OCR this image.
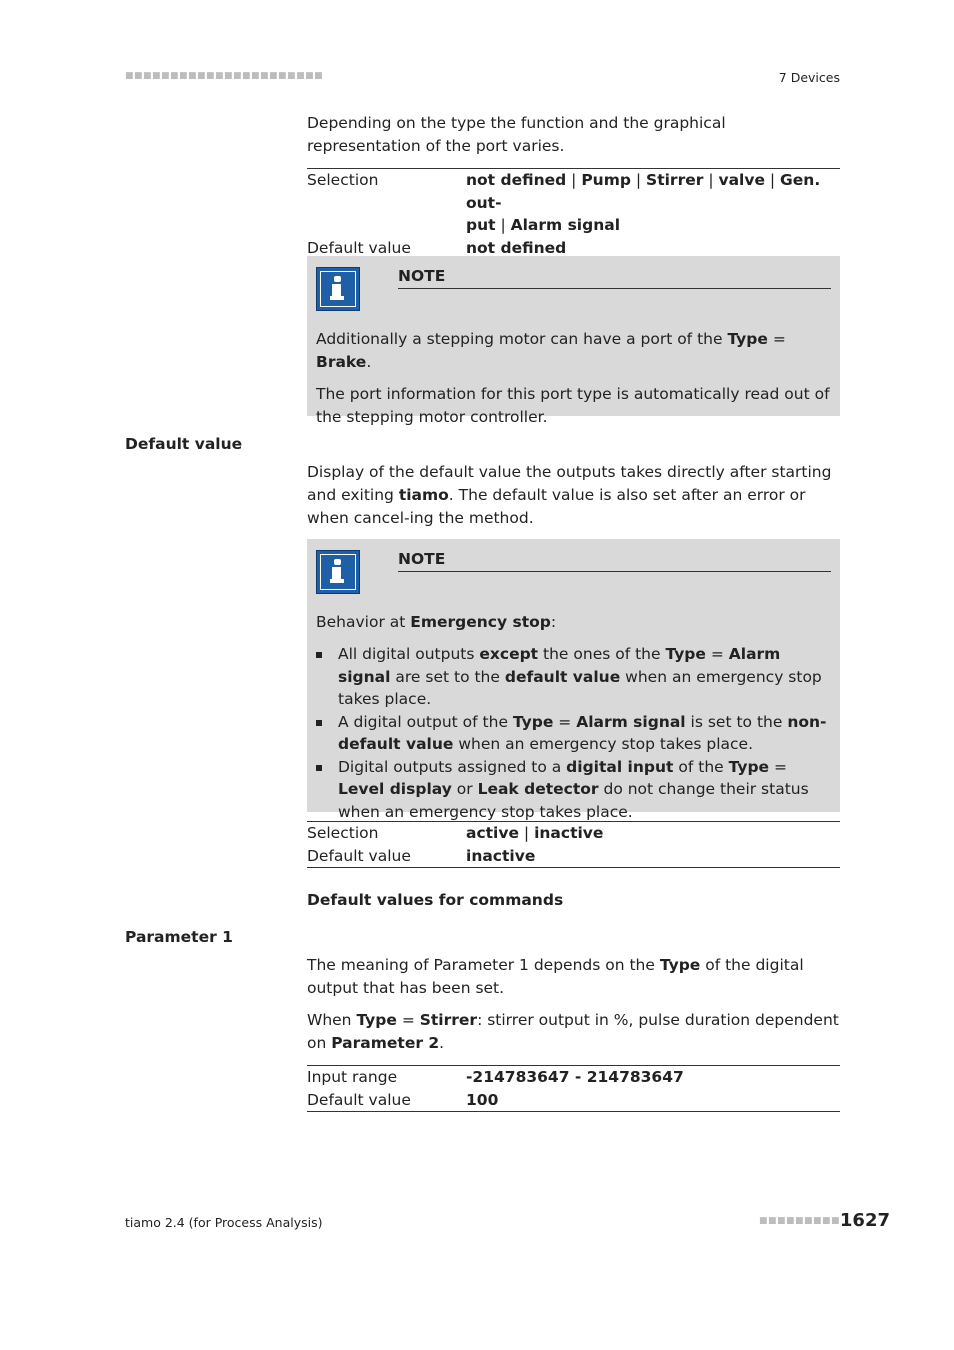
■■■■■■■■■■■■■■■■■■■■■■	7 Devices

Depending on the type the function and the graphical representation of the port varies.

Selection	not defined | Pump | Stirrer | valve | Gen. out-
put | Alarm signal
Default value	not defined
NOTE

Additionally a stepping motor can have a port of the Type = Brake.

The port information for this port type is automatically read out of the stepping motor controller.

Default value

Display of the default value the outputs takes directly after starting and exiting tiamo. The default value is also set after an error or when cancel-ing the method.

NOTE

Behavior at Emergency stop:

All digital outputs except the ones of the Type = Alarm signal are set to the default value when an emergency stop takes place.
A digital output of the Type = Alarm signal is set to the non-default value when an emergency stop takes place.
Digital outputs assigned to a digital input of the Type = Level display or Leak detector do not change their status when an emergency stop takes place.
Selection	active | inactive
Default value	inactive
Default values for commands
Parameter 1

The meaning of Parameter 1 depends on the Type of the digital output that has been set.

When Type = Stirrer: stirrer output in %, pulse duration dependent on Parameter 2.

Input range	-214783647 - 214783647
Default value	100
tiamo 2.4 (for Process Analysis)	■■■■■■■■■ 1627
